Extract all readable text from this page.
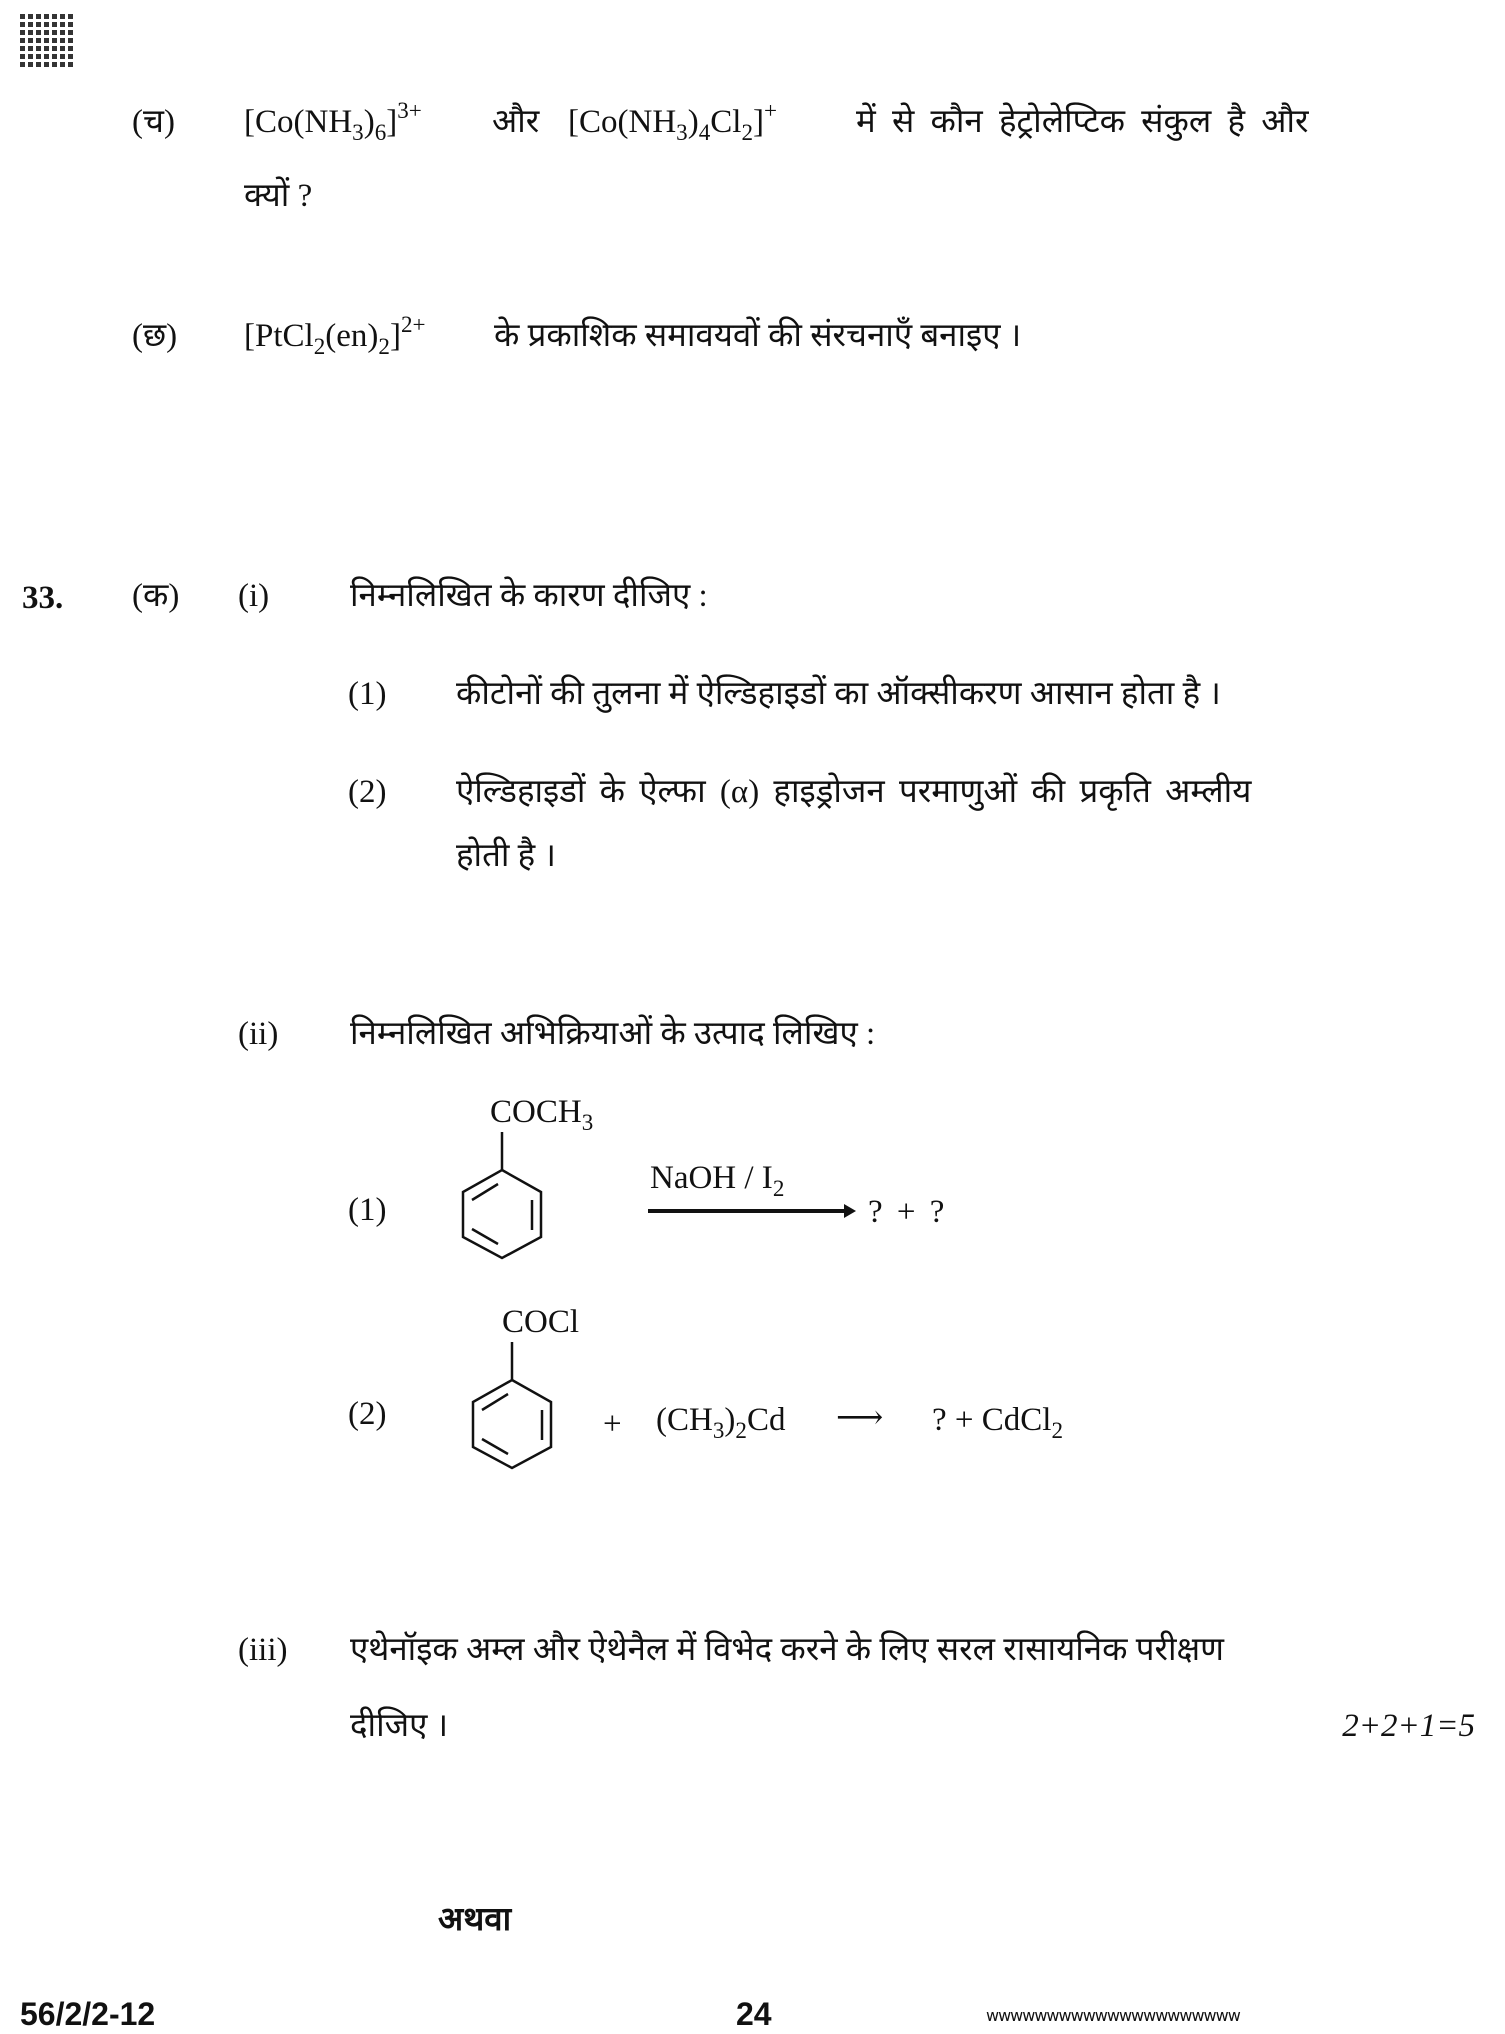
(च) $[Co(NH_3)_6]^{3+}$ और $[Co(NH_3)_4Cl_2]^+$ में से कौन हेट्रोलेप्टिक संकुल है और
क्यों ?
(छ) $[PtCl_2(en)_2]^{2+}$ के प्रकाशिक समावयवों की संरचनाएँ बनाइए ।
33. (क) (i) निम्नलिखित के कारण दीजिए :
(1) कीटोनों की तुलना में ऐल्डिहाइडों का ऑक्सीकरण आसान होता है ।
(2) ऐल्डिहाइडों के ऐल्फा (α) हाइड्रोजन परमाणुओं की प्रकृति अम्लीय
होती है ।
(ii) निम्नलिखित अभिक्रियाओं के उत्पाद लिखिए :
$COCH_3$
(1)
NaOH / $I_2$
? + ?
COCl
(2)	+ $(CH_3)_2Cd$ ⟶ ? + CdCl$_2$
(iii) एथेनॉइक अम्ल और ऐथेनैल में विभेद करने के लिए सरल रासायनिक परीक्षण
दीजिए ।	2+2+1=5
अथवा
56/2/2-12	24	wwwwwwwwwwwwwwwwwwwww
